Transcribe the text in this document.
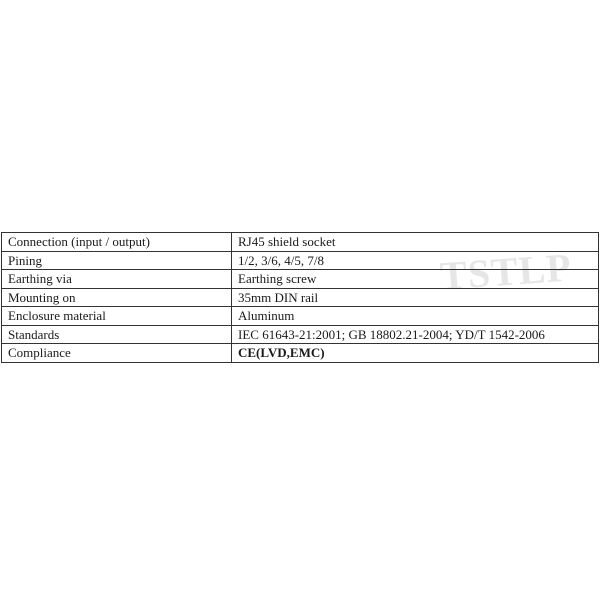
TSTLP
Connection (input / output)	RJ45 shield socket
Pining	1/2, 3/6, 4/5, 7/8
Earthing via	Earthing screw
Mounting on	35mm DIN rail
Enclosure material	Aluminum
Standards	IEC 61643-21:2001; GB 18802.21-2004; YD/T 1542-2006
Compliance	CE(LVD,EMC)
